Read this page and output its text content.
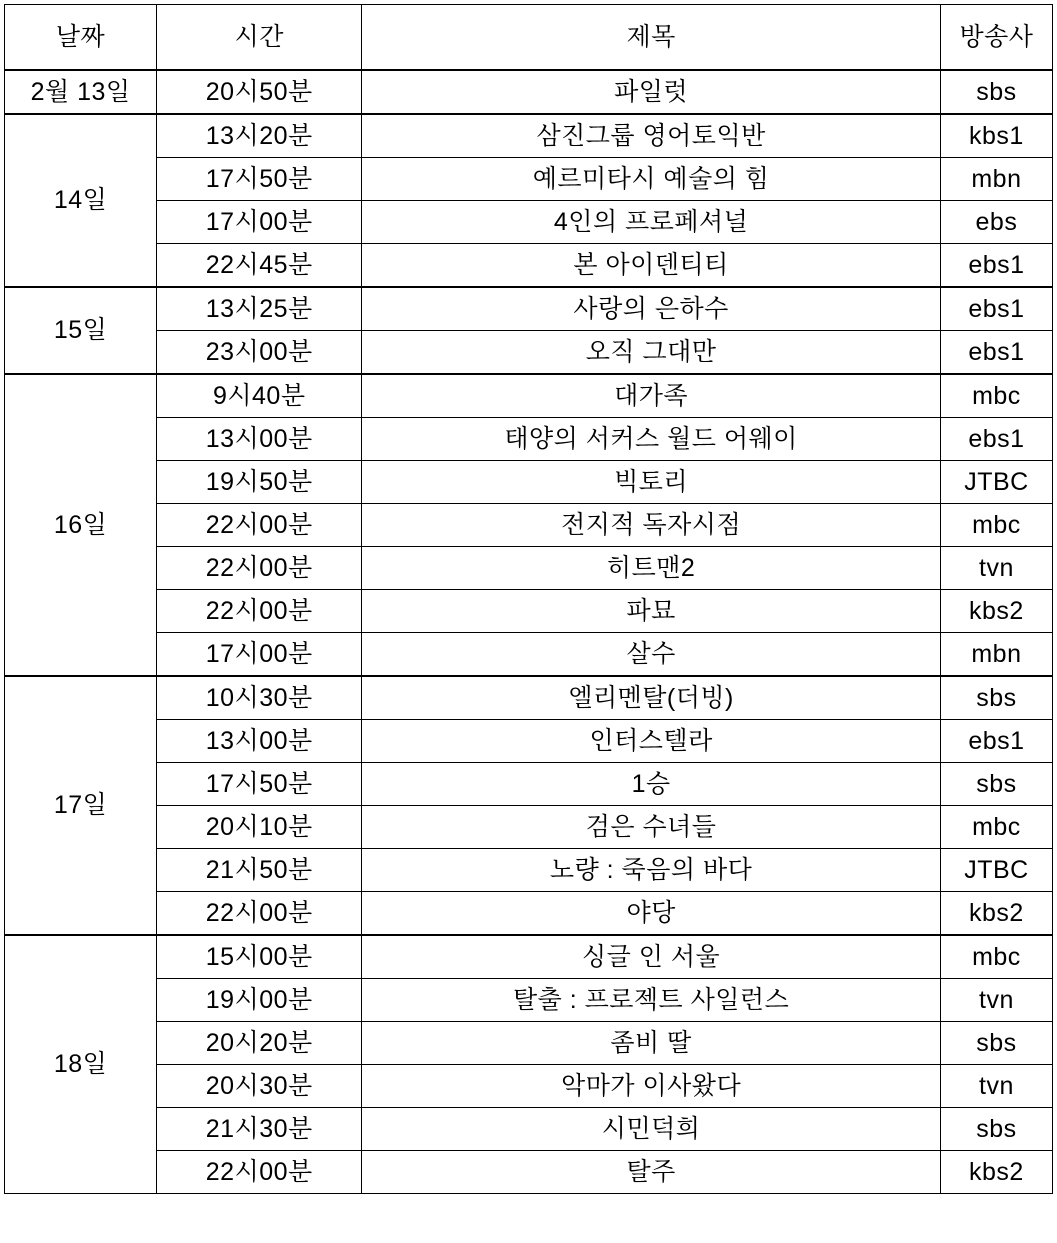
날짜	시간	제목	방송사
2월 13일	20시50분	파일럿	sbs
14일	13시20분	삼진그룹 영어토익반	kbs1
	17시50분	예르미타시 예술의 힘	mbn
	17시00분	4인의 프로페셔널	ebs
	22시45분	본 아이덴티티	ebs1
15일	13시25분	사랑의 은하수	ebs1
	23시00분	오직 그대만	ebs1
16일	9시40분	대가족	mbc
	13시00분	태양의 서커스 월드 어웨이	ebs1
	19시50분	빅토리	JTBC
	22시00분	전지적 독자시점	mbc
	22시00분	히트맨2	tvn
	22시00분	파묘	kbs2
	17시00분	살수	mbn
17일	10시30분	엘리멘탈(더빙)	sbs
	13시00분	인터스텔라	ebs1
	17시50분	1승	sbs
	20시10분	검은 수녀들	mbc
	21시50분	노량 : 죽음의 바다	JTBC
	22시00분	야당	kbs2
18일	15시00분	싱글 인 서울	mbc
	19시00분	탈출 : 프로젝트 사일런스	tvn
	20시20분	좀비 딸	sbs
	20시30분	악마가 이사왔다	tvn
	21시30분	시민덕희	sbs
	22시00분	탈주	kbs2
